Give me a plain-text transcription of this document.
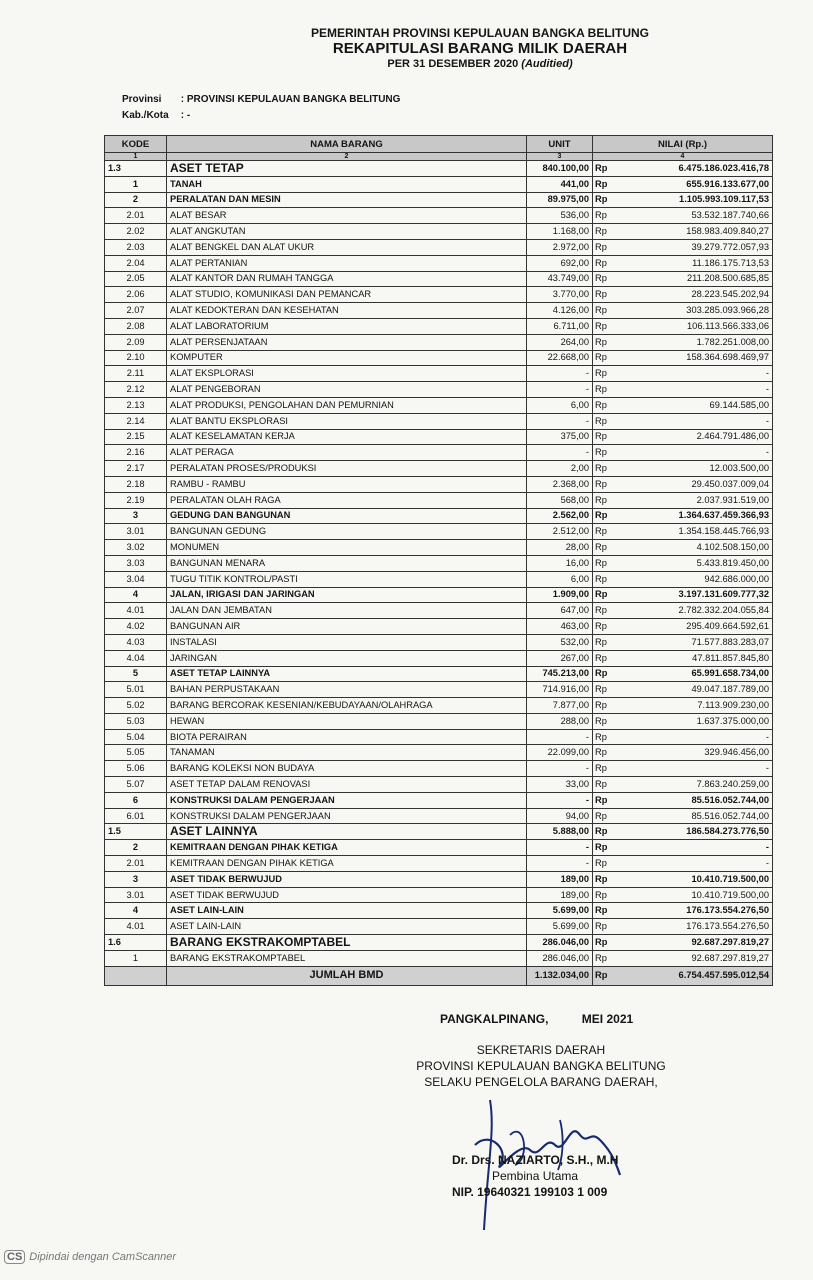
PEMERINTAH PROVINSI KEPULAUAN BANGKA BELITUNG
REKAPITULASI BARANG MILIK DAERAH
PER 31 DESEMBER 2020 (Auditied)
Provinsi : PROVINSI KEPULAUAN BANGKA BELITUNG
Kab./Kota : -
KODE	NAMA BARANG	UNIT	NILAI (Rp.)	
1	2	3	4	
1.3	ASET TETAP	840.100,00	Rp	6.475.186.023.416,78
1	TANAH	441,00	Rp	655.916.133.677,00
2	PERALATAN DAN MESIN	89.975,00	Rp	1.105.993.109.117,53
2.01	ALAT BESAR	536,00	Rp	53.532.187.740,66
2.02	ALAT ANGKUTAN	1.168,00	Rp	158.983.409.840,27
2.03	ALAT BENGKEL DAN ALAT UKUR	2.972,00	Rp	39.279.772.057,93
2.04	ALAT PERTANIAN	692,00	Rp	11.186.175.713,53
2.05	ALAT KANTOR DAN RUMAH TANGGA	43.749,00	Rp	211.208.500.685,85
2.06	ALAT STUDIO, KOMUNIKASI DAN PEMANCAR	3.770,00	Rp	28.223.545.202,94
2.07	ALAT KEDOKTERAN DAN KESEHATAN	4.126,00	Rp	303.285.093.966,28
2.08	ALAT LABORATORIUM	6.711,00	Rp	106.113.566.333,06
2.09	ALAT PERSENJATAAN	264,00	Rp	1.782.251.008,00
2.10	KOMPUTER	22.668,00	Rp	158.364.698.469,97
2.11	ALAT EKSPLORASI	-	Rp	-
2.12	ALAT PENGEBORAN	-	Rp	-
2.13	ALAT PRODUKSI, PENGOLAHAN DAN PEMURNIAN	6,00	Rp	69.144.585,00
2.14	ALAT BANTU EKSPLORASI	-	Rp	-
2.15	ALAT KESELAMATAN KERJA	375,00	Rp	2.464.791.486,00
2.16	ALAT PERAGA	-	Rp	-
2.17	PERALATAN PROSES/PRODUKSI	2,00	Rp	12.003.500,00
2.18	RAMBU - RAMBU	2.368,00	Rp	29.450.037.009,04
2.19	PERALATAN OLAH RAGA	568,00	Rp	2.037.931.519,00
3	GEDUNG DAN BANGUNAN	2.562,00	Rp	1.364.637.459.366,93
3.01	BANGUNAN GEDUNG	2.512,00	Rp	1.354.158.445.766,93
3.02	MONUMEN	28,00	Rp	4.102.508.150,00
3.03	BANGUNAN MENARA	16,00	Rp	5.433.819.450,00
3.04	TUGU TITIK KONTROL/PASTI	6,00	Rp	942.686.000,00
4	JALAN, IRIGASI DAN JARINGAN	1.909,00	Rp	3.197.131.609.777,32
4.01	JALAN DAN JEMBATAN	647,00	Rp	2.782.332.204.055,84
4.02	BANGUNAN AIR	463,00	Rp	295.409.664.592,61
4.03	INSTALASI	532,00	Rp	71.577.883.283,07
4.04	JARINGAN	267,00	Rp	47.811.857.845,80
5	ASET TETAP LAINNYA	745.213,00	Rp	65.991.658.734,00
5.01	BAHAN PERPUSTAKAAN	714.916,00	Rp	49.047.187.789,00
5.02	BARANG BERCORAK KESENIAN/KEBUDAYAAN/OLAHRAGA	7.877,00	Rp	7.113.909.230,00
5.03	HEWAN	288,00	Rp	1.637.375.000,00
5.04	BIOTA PERAIRAN	-	Rp	-
5.05	TANAMAN	22.099,00	Rp	329.946.456,00
5.06	BARANG KOLEKSI NON BUDAYA	-	Rp	-
5.07	ASET TETAP DALAM RENOVASI	33,00	Rp	7.863.240.259,00
6	KONSTRUKSI DALAM PENGERJAAN	-	Rp	85.516.052.744,00
6.01	KONSTRUKSI DALAM PENGERJAAN	94,00	Rp	85.516.052.744,00
1.5	ASET LAINNYA	5.888,00	Rp	186.584.273.776,50
2	KEMITRAAN DENGAN PIHAK KETIGA	-	Rp	-
2.01	KEMITRAAN DENGAN PIHAK KETIGA	-	Rp	-
3	ASET TIDAK BERWUJUD	189,00	Rp	10.410.719.500,00
3.01	ASET TIDAK BERWUJUD	189,00	Rp	10.410.719.500,00
4	ASET LAIN-LAIN	5.699,00	Rp	176.173.554.276,50
4.01	ASET LAIN-LAIN	5.699,00	Rp	176.173.554.276,50
1.6	BARANG EKSTRAKOMPTABEL	286.046,00	Rp	92.687.297.819,27
1	BARANG EKSTRAKOMPTABEL	286.046,00	Rp	92.687.297.819,27
	JUMLAH BMD	1.132.034,00	Rp	6.754.457.595.012,54
PANGKALPINANG,	MEI 2021
SEKRETARIS DAERAH
PROVINSI KEPULAUAN BANGKA BELITUNG
SELAKU PENGELOLA BARANG DAERAH,
Dr. Drs. NAZIARTO, S.H., M.H
Pembina Utama
NIP. 19640321 199103 1 009
CS Dipindai dengan CamScanner
